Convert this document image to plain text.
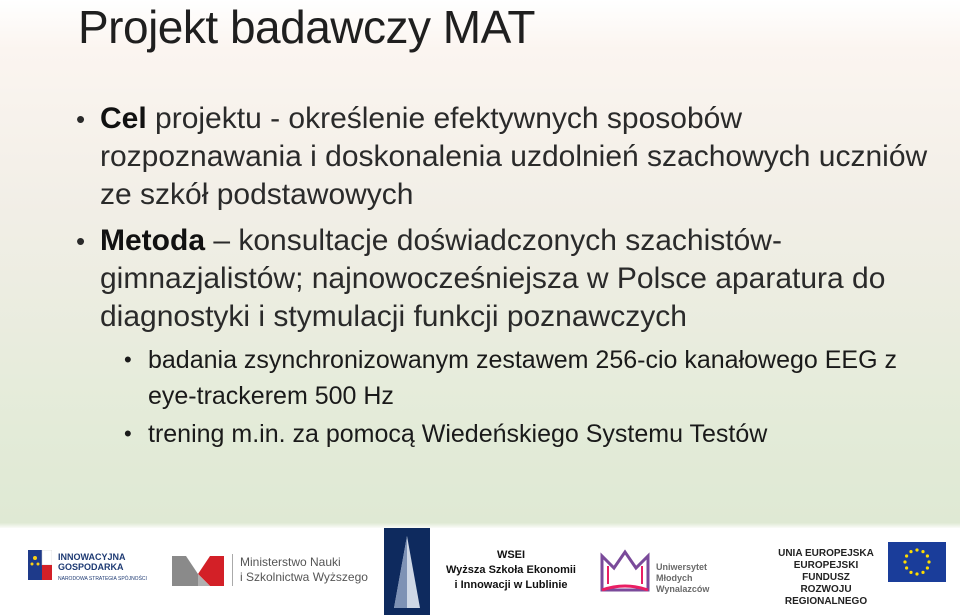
Projekt badawczy MAT
• Cel projektu - określenie efektywnych sposobów rozpoznawania i doskonalenia uzdolnień szachowych uczniów ze szkół podstawowych
• Metoda – konsultacje doświadczonych szachistów-gimnazjalistów; najnowocześniejsza w Polsce aparatura do diagnostyki i stymulacji funkcji poznawczych
• badania zsynchronizowanym zestawem 256-cio kanałowego EEG z eye-trackerem 500 Hz
• trening m.in. za pomocą Wiedeńskiego Systemu Testów
INNOWACYJNA
GOSPODARKA
NARODOWA STRATEGIA SPÓJNOŚCI
Ministerstwo Nauki
i Szkolnictwa Wyższego
WSEI
Wyższa Szkoła Ekonomii
i Innowacji w Lublinie
Uniwersytet
Młodych Wynalazców
UNIA EUROPEJSKA
EUROPEJSKI FUNDUSZ
ROZWOJU REGIONALNEGO
